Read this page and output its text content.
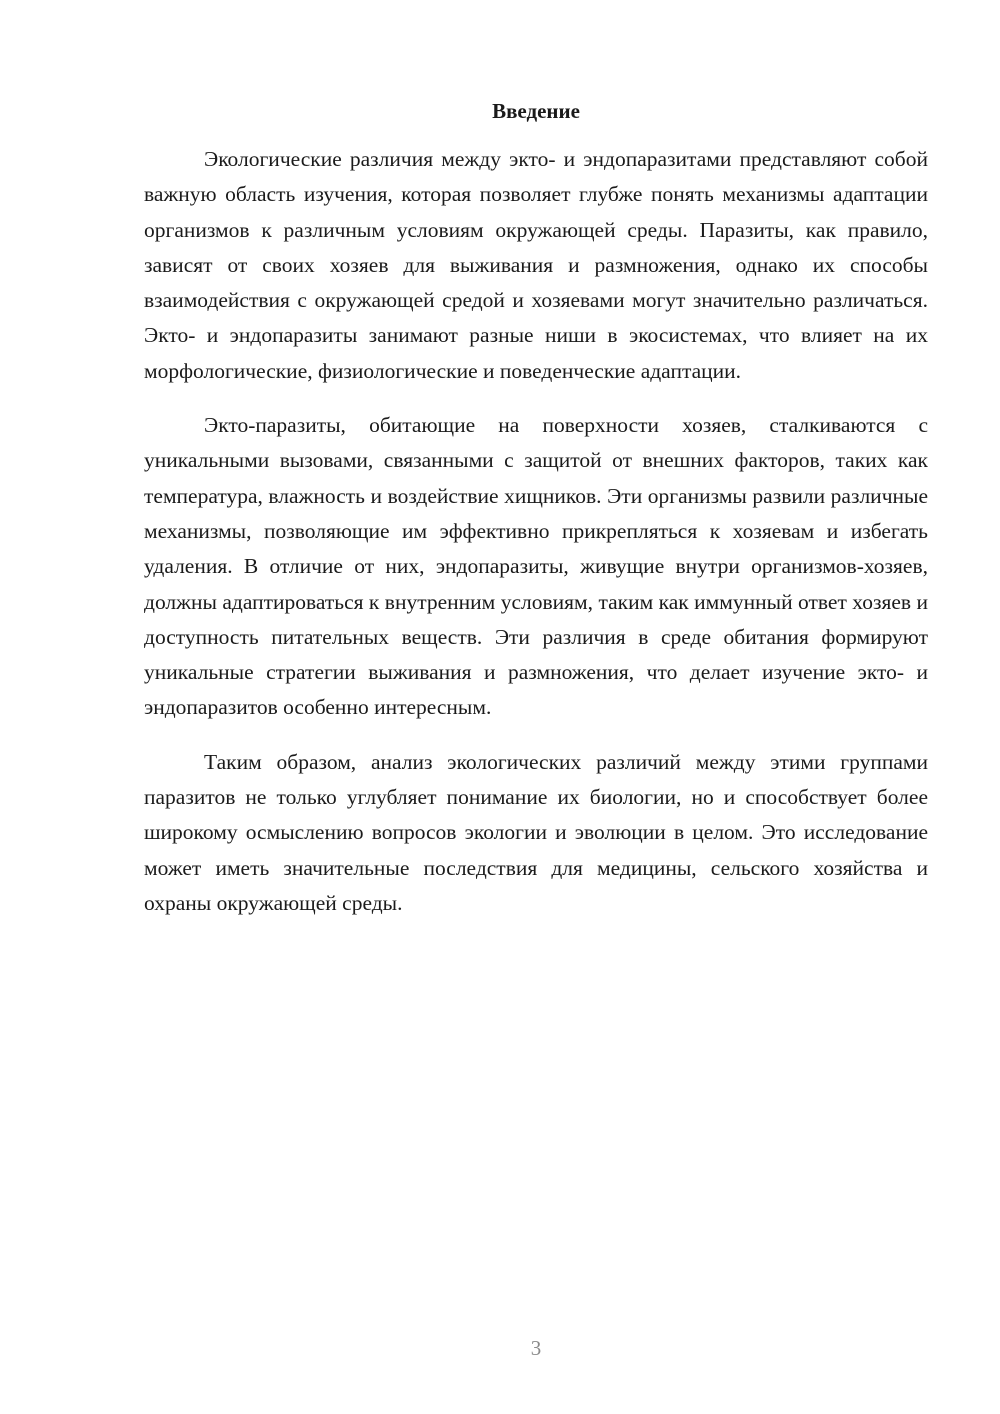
Введение

Экологические различия между экто- и эндопаразитами представляют собой важную область изучения, которая позволяет глубже понять механизмы адаптации организмов к различным условиям окружающей среды. Паразиты, как правило, зависят от своих хозяев для выживания и размножения, однако их способы взаимодействия с окружающей средой и хозяевами могут значительно различаться. Экто- и эндопаразиты занимают разные ниши в экосистемах, что влияет на их морфологические, физиологические и поведенческие адаптации.

Экто-паразиты, обитающие на поверхности хозяев, сталкиваются с уникальными вызовами, связанными с защитой от внешних факторов, таких как температура, влажность и воздействие хищников. Эти организмы развили различные механизмы, позволяющие им эффективно прикрепляться к хозяевам и избегать удаления. В отличие от них, эндопаразиты, живущие внутри организмов-хозяев, должны адаптироваться к внутренним условиям, таким как иммунный ответ хозяев и доступность питательных веществ. Эти различия в среде обитания формируют уникальные стратегии выживания и размножения, что делает изучение экто- и эндопаразитов особенно интересным.

Таким образом, анализ экологических различий между этими группами паразитов не только углубляет понимание их биологии, но и способствует более широкому осмыслению вопросов экологии и эволюции в целом. Это исследование может иметь значительные последствия для медицины, сельского хозяйства и охраны окружающей среды.

3
